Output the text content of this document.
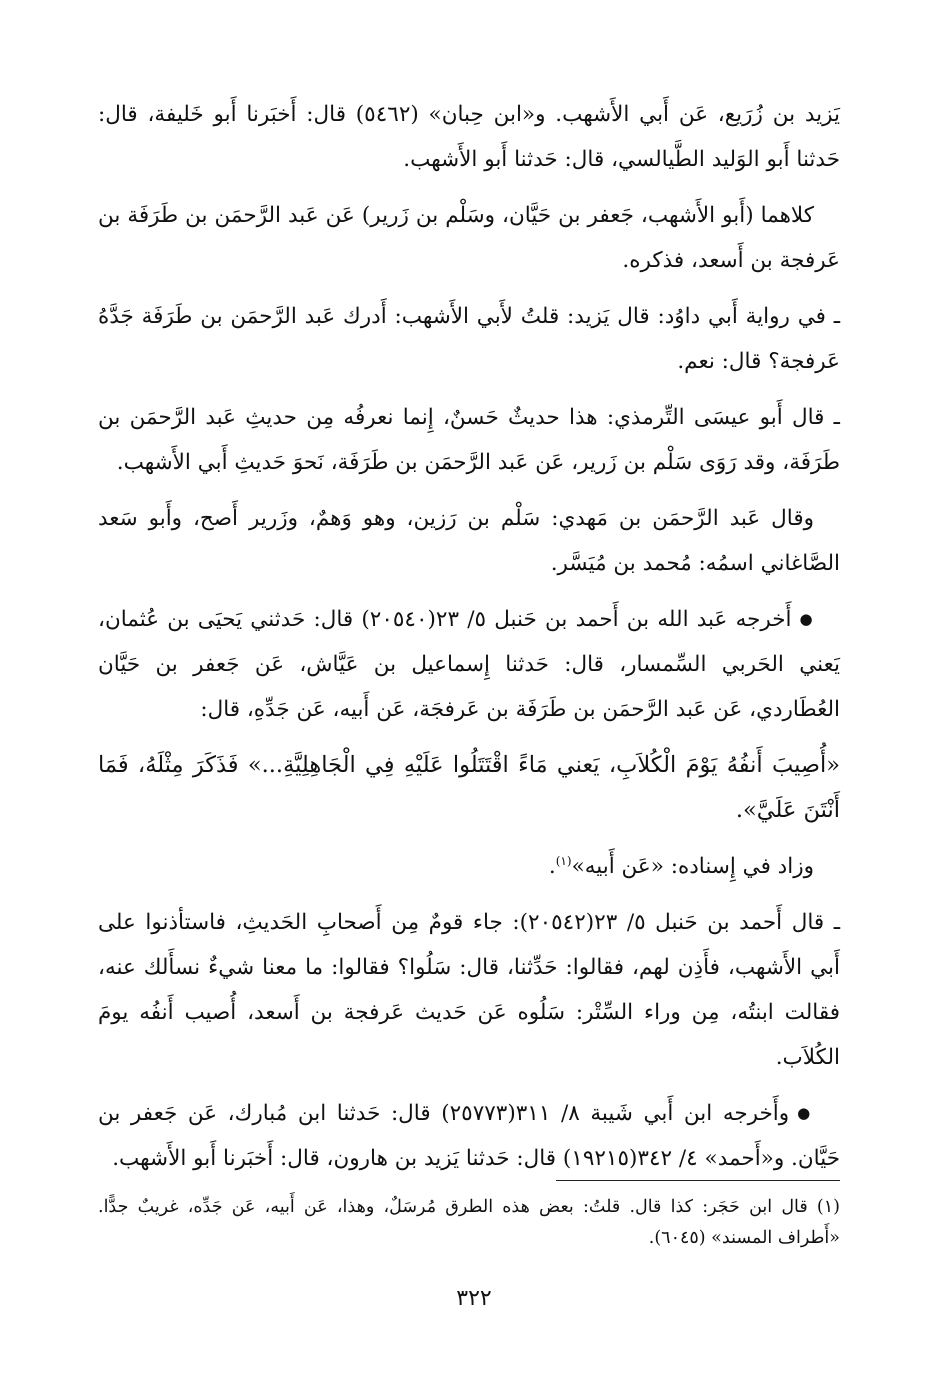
يَزيد بن زُرَيع، عَن أَبي الأَشهب. و«ابن حِبان» (٥٤٦٢) قال: أَخبَرنا أَبو خَليفة، قال: حَدثنا أَبو الوَليد الطَّيالسي، قال: حَدثنا أَبو الأَشهب.

كلاهما (أَبو الأَشهب، جَعفر بن حَيَّان، وسَلْم بن زَرير) عَن عَبد الرَّحمَن بن طَرَفَة بن عَرفجة بن أَسعد، فذكره.

ـ في رواية أَبي داوُد: قال يَزيد: قلتُ لأَبي الأَشهب: أَدرك عَبد الرَّحمَن بن طَرَفَة جَدَّهُ عَرفجة؟ قال: نعم.

ـ قال أَبو عيسَى التِّرمذي: هذا حديثٌ حَسنٌ، إِنما نعرفُه مِن حديثِ عَبد الرَّحمَن بن طَرَفَة، وقد رَوَى سَلْم بن زَرير، عَن عَبد الرَّحمَن بن طَرَفَة، نَحوَ حَديثِ أَبي الأَشهب.

وقال عَبد الرَّحمَن بن مَهدي: سَلْم بن رَزين، وهو وَهمٌ، وزَرير أَصح، وأَبو سَعد الصَّاغاني اسمُه: مُحمد بن مُيَسَّر.

●أَخرجه عَبد الله بن أَحمد بن حَنبل ٥/ ٢٣(٢٠٥٤٠) قال: حَدثني يَحيَى بن عُثمان، يَعني الحَربي السِّمسار، قال: حَدثنا إِسماعيل بن عَيَّاش، عَن جَعفر بن حَيَّان العُطَاردي، عَن عَبد الرَّحمَن بن طَرَفَة بن عَرفجَة، عَن أَبيه، عَن جَدِّهِ، قال:

«أُصِيبَ أَنفُهُ يَوْمَ الْكُلاَبِ، يَعني مَاءً اقْتَتَلُوا عَلَيْهِ فِي الْجَاهِلِيَّةِ...» فَذَكَرَ مِثْلَهُ، فَمَا أَنْتَنَ عَلَيَّ».

وزاد في إِسناده: «عَن أَبيه»$^{(١)}$.

ـ قال أَحمد بن حَنبل ٥/ ٢٣(٢٠٥٤٢): جاء قومٌ مِن أَصحابِ الحَديثِ، فاستأذنوا على أَبي الأَشهب، فأَذِن لهم، فقالوا: حَدِّثنا، قال: سَلُوا؟ فقالوا: ما معنا شيءٌ نسأَلك عنه، فقالت ابنتُه، مِن وراء السِّتْر: سَلُوه عَن حَديث عَرفجة بن أَسعد، أُصيب أَنفُه يومَ الكُلاَب.

●وأَخرجه ابن أَبي شَيبة ٨/ ٣١١(٢٥٧٧٣) قال: حَدثنا ابن مُبارك، عَن جَعفر بن حَيَّان. و«أَحمد» ٤/ ٣٤٢(١٩٢١٥) قال: حَدثنا يَزيد بن هارون، قال: أَخبَرنا أَبو الأَشهب.

(١) قال ابن حَجَر: كذا قال. قلتُ: بعض هذه الطرق مُرسَلٌ، وهذا، عَن أَبيه، عَن جَدِّه، غريبٌ جدًّا. «أَطراف المسند» (٦٠٤٥).
٣٢٢
